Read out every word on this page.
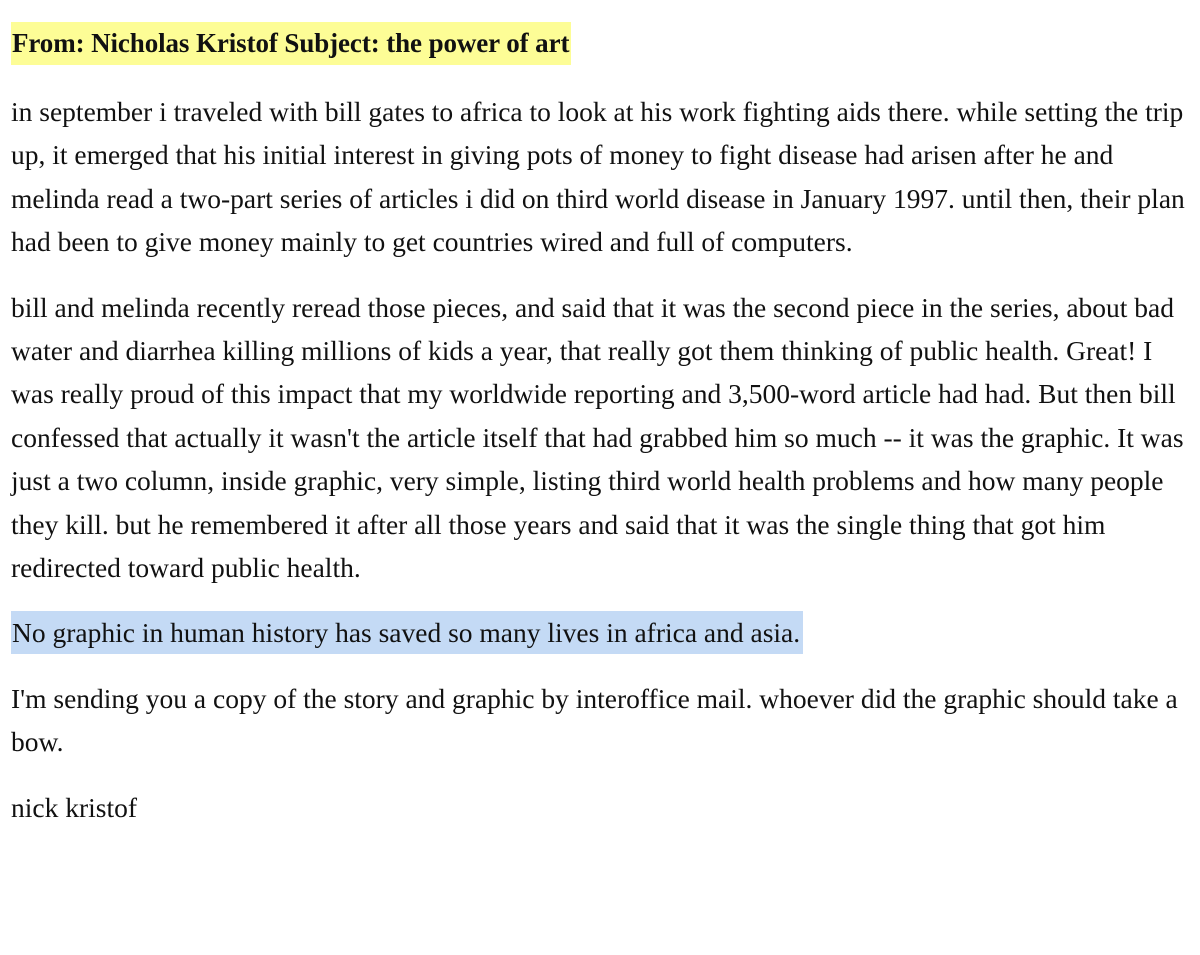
From: Nicholas Kristof Subject: the power of art

in september i traveled with bill gates to africa to look at his work fighting aids there. while setting the trip up, it emerged that his initial interest in giving pots of money to fight disease had arisen after he and melinda read a two-part series of articles i did on third world disease in January 1997. until then, their plan had been to give money mainly to get countries wired and full of computers.

bill and melinda recently reread those pieces, and said that it was the second piece in the series, about bad water and diarrhea killing millions of kids a year, that really got them thinking of public health. Great! I was really proud of this impact that my worldwide reporting and 3,500-word article had had. But then bill confessed that actually it wasn't the article itself that had grabbed him so much -- it was the graphic. It was just a two column, inside graphic, very simple, listing third world health problems and how many people they kill. but he remembered it after all those years and said that it was the single thing that got him redirected toward public health.

No graphic in human history has saved so many lives in africa and asia.

I'm sending you a copy of the story and graphic by interoffice mail. whoever did the graphic should take a bow.

nick kristof
